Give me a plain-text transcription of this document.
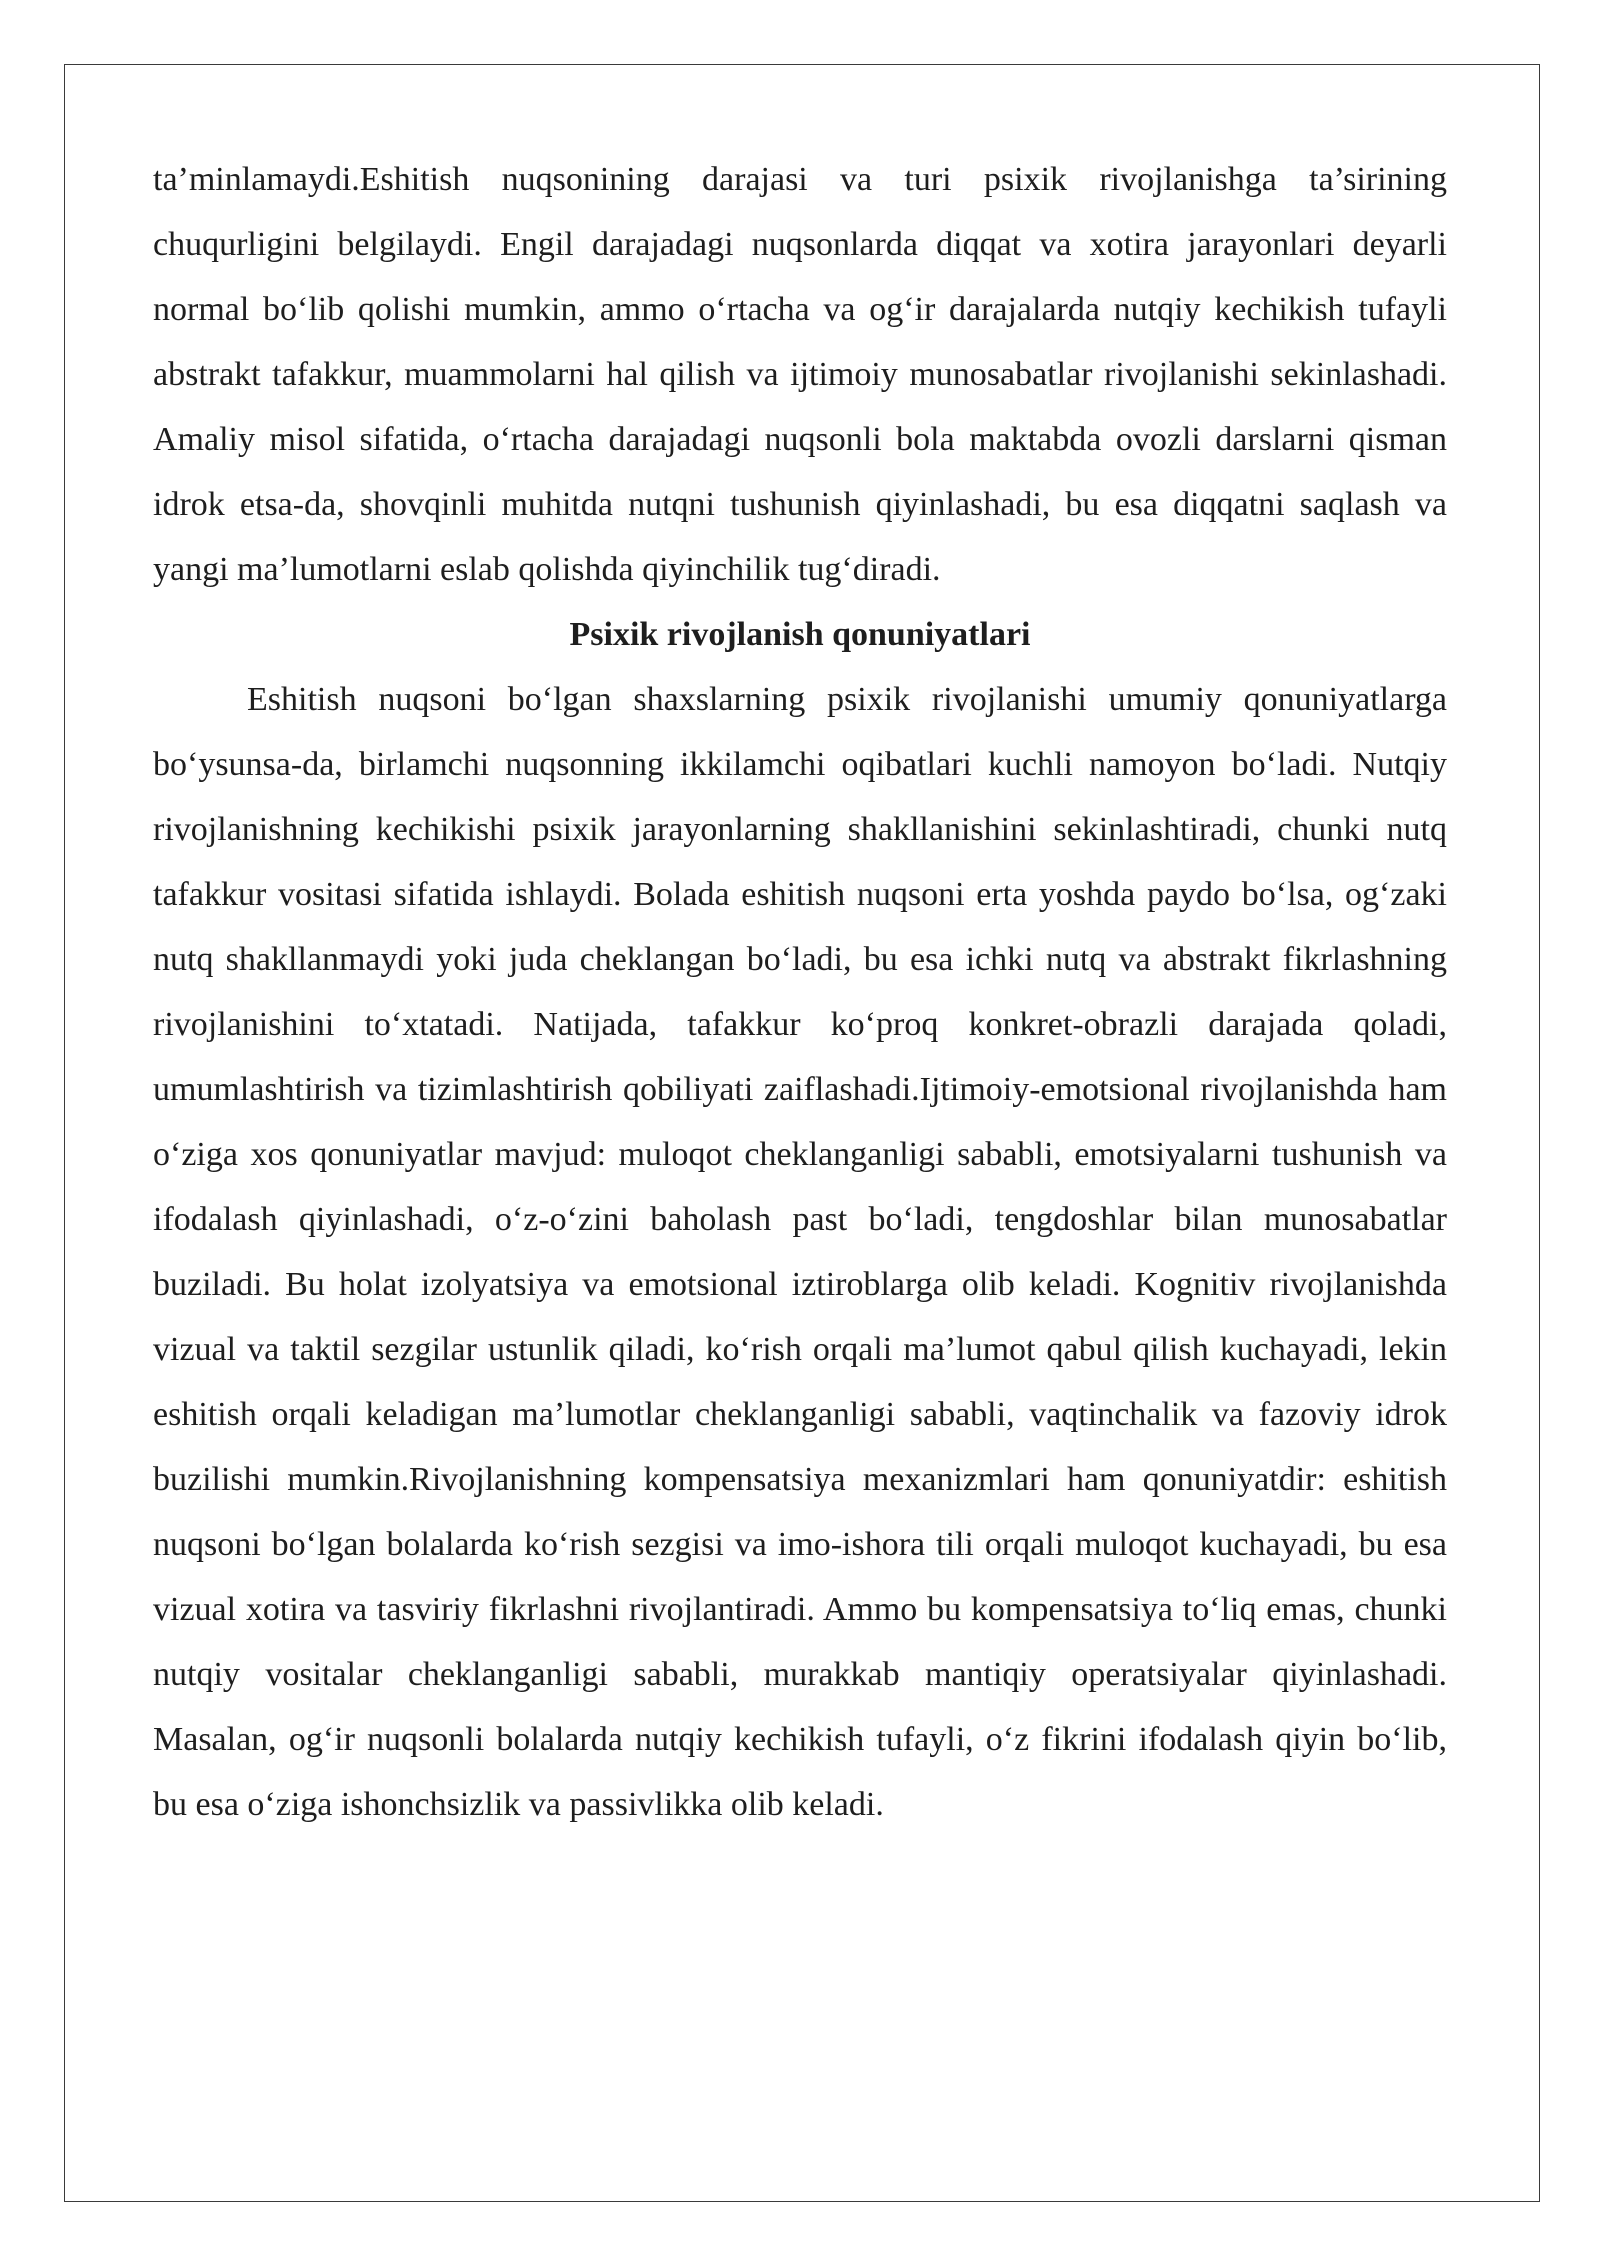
ta’minlamaydi.Eshitish nuqsonining darajasi va turi psixik rivojlanishga ta’sirining chuqurligini belgilaydi. Engil darajadagi nuqsonlarda diqqat va xotira jarayonlari deyarli normal bo‘lib qolishi mumkin, ammo o‘rtacha va og‘ir darajalarda nutqiy kechikish tufayli abstrakt tafakkur, muammolarni hal qilish va ijtimoiy munosabatlar rivojlanishi sekinlashadi. Amaliy misol sifatida, o‘rtacha darajadagi nuqsonli bola maktabda ovozli darslarni qisman idrok etsa-da, shovqinli muhitda nutqni tushunish qiyinlashadi, bu esa diqqatni saqlash va yangi ma’lumotlarni eslab qolishda qiyinchilik tug‘diradi.

Psixik rivojlanish qonuniyatlari

Eshitish nuqsoni bo‘lgan shaxslarning psixik rivojlanishi umumiy qonuniyatlarga bo‘ysunsa-da, birlamchi nuqsonning ikkilamchi oqibatlari kuchli namoyon bo‘ladi. Nutqiy rivojlanishning kechikishi psixik jarayonlarning shakllanishini sekinlashtiradi, chunki nutq tafakkur vositasi sifatida ishlaydi. Bolada eshitish nuqsoni erta yoshda paydo bo‘lsa, og‘zaki nutq shakllanmaydi yoki juda cheklangan bo‘ladi, bu esa ichki nutq va abstrakt fikrlashning rivojlanishini to‘xtatadi. Natijada, tafakkur ko‘proq konkret-obrazli darajada qoladi, umumlashtirish va tizimlashtirish qobiliyati zaiflashadi.Ijtimoiy-emotsional rivojlanishda ham o‘ziga xos qonuniyatlar mavjud: muloqot cheklanganligi sababli, emotsiyalarni tushunish va ifodalash qiyinlashadi, o‘z-o‘zini baholash past bo‘ladi, tengdoshlar bilan munosabatlar buziladi. Bu holat izolyatsiya va emotsional iztiroblarga olib keladi. Kognitiv rivojlanishda vizual va taktil sezgilar ustunlik qiladi, ko‘rish orqali ma’lumot qabul qilish kuchayadi, lekin eshitish orqali keladigan ma’lumotlar cheklanganligi sababli, vaqtinchalik va fazoviy idrok buzilishi mumkin.Rivojlanishning kompensatsiya mexanizmlari ham qonuniyatdir: eshitish nuqsoni bo‘lgan bolalarda ko‘rish sezgisi va imo-ishora tili orqali muloqot kuchayadi, bu esa vizual xotira va tasviriy fikrlashni rivojlantiradi. Ammo bu kompensatsiya to‘liq emas, chunki nutqiy vositalar cheklanganligi sababli, murakkab mantiqiy operatsiyalar qiyinlashadi. Masalan, og‘ir nuqsonli bolalarda nutqiy kechikish tufayli, o‘z fikrini ifodalash qiyin bo‘lib, bu esa o‘ziga ishonchsizlik va passivlikka olib keladi.
